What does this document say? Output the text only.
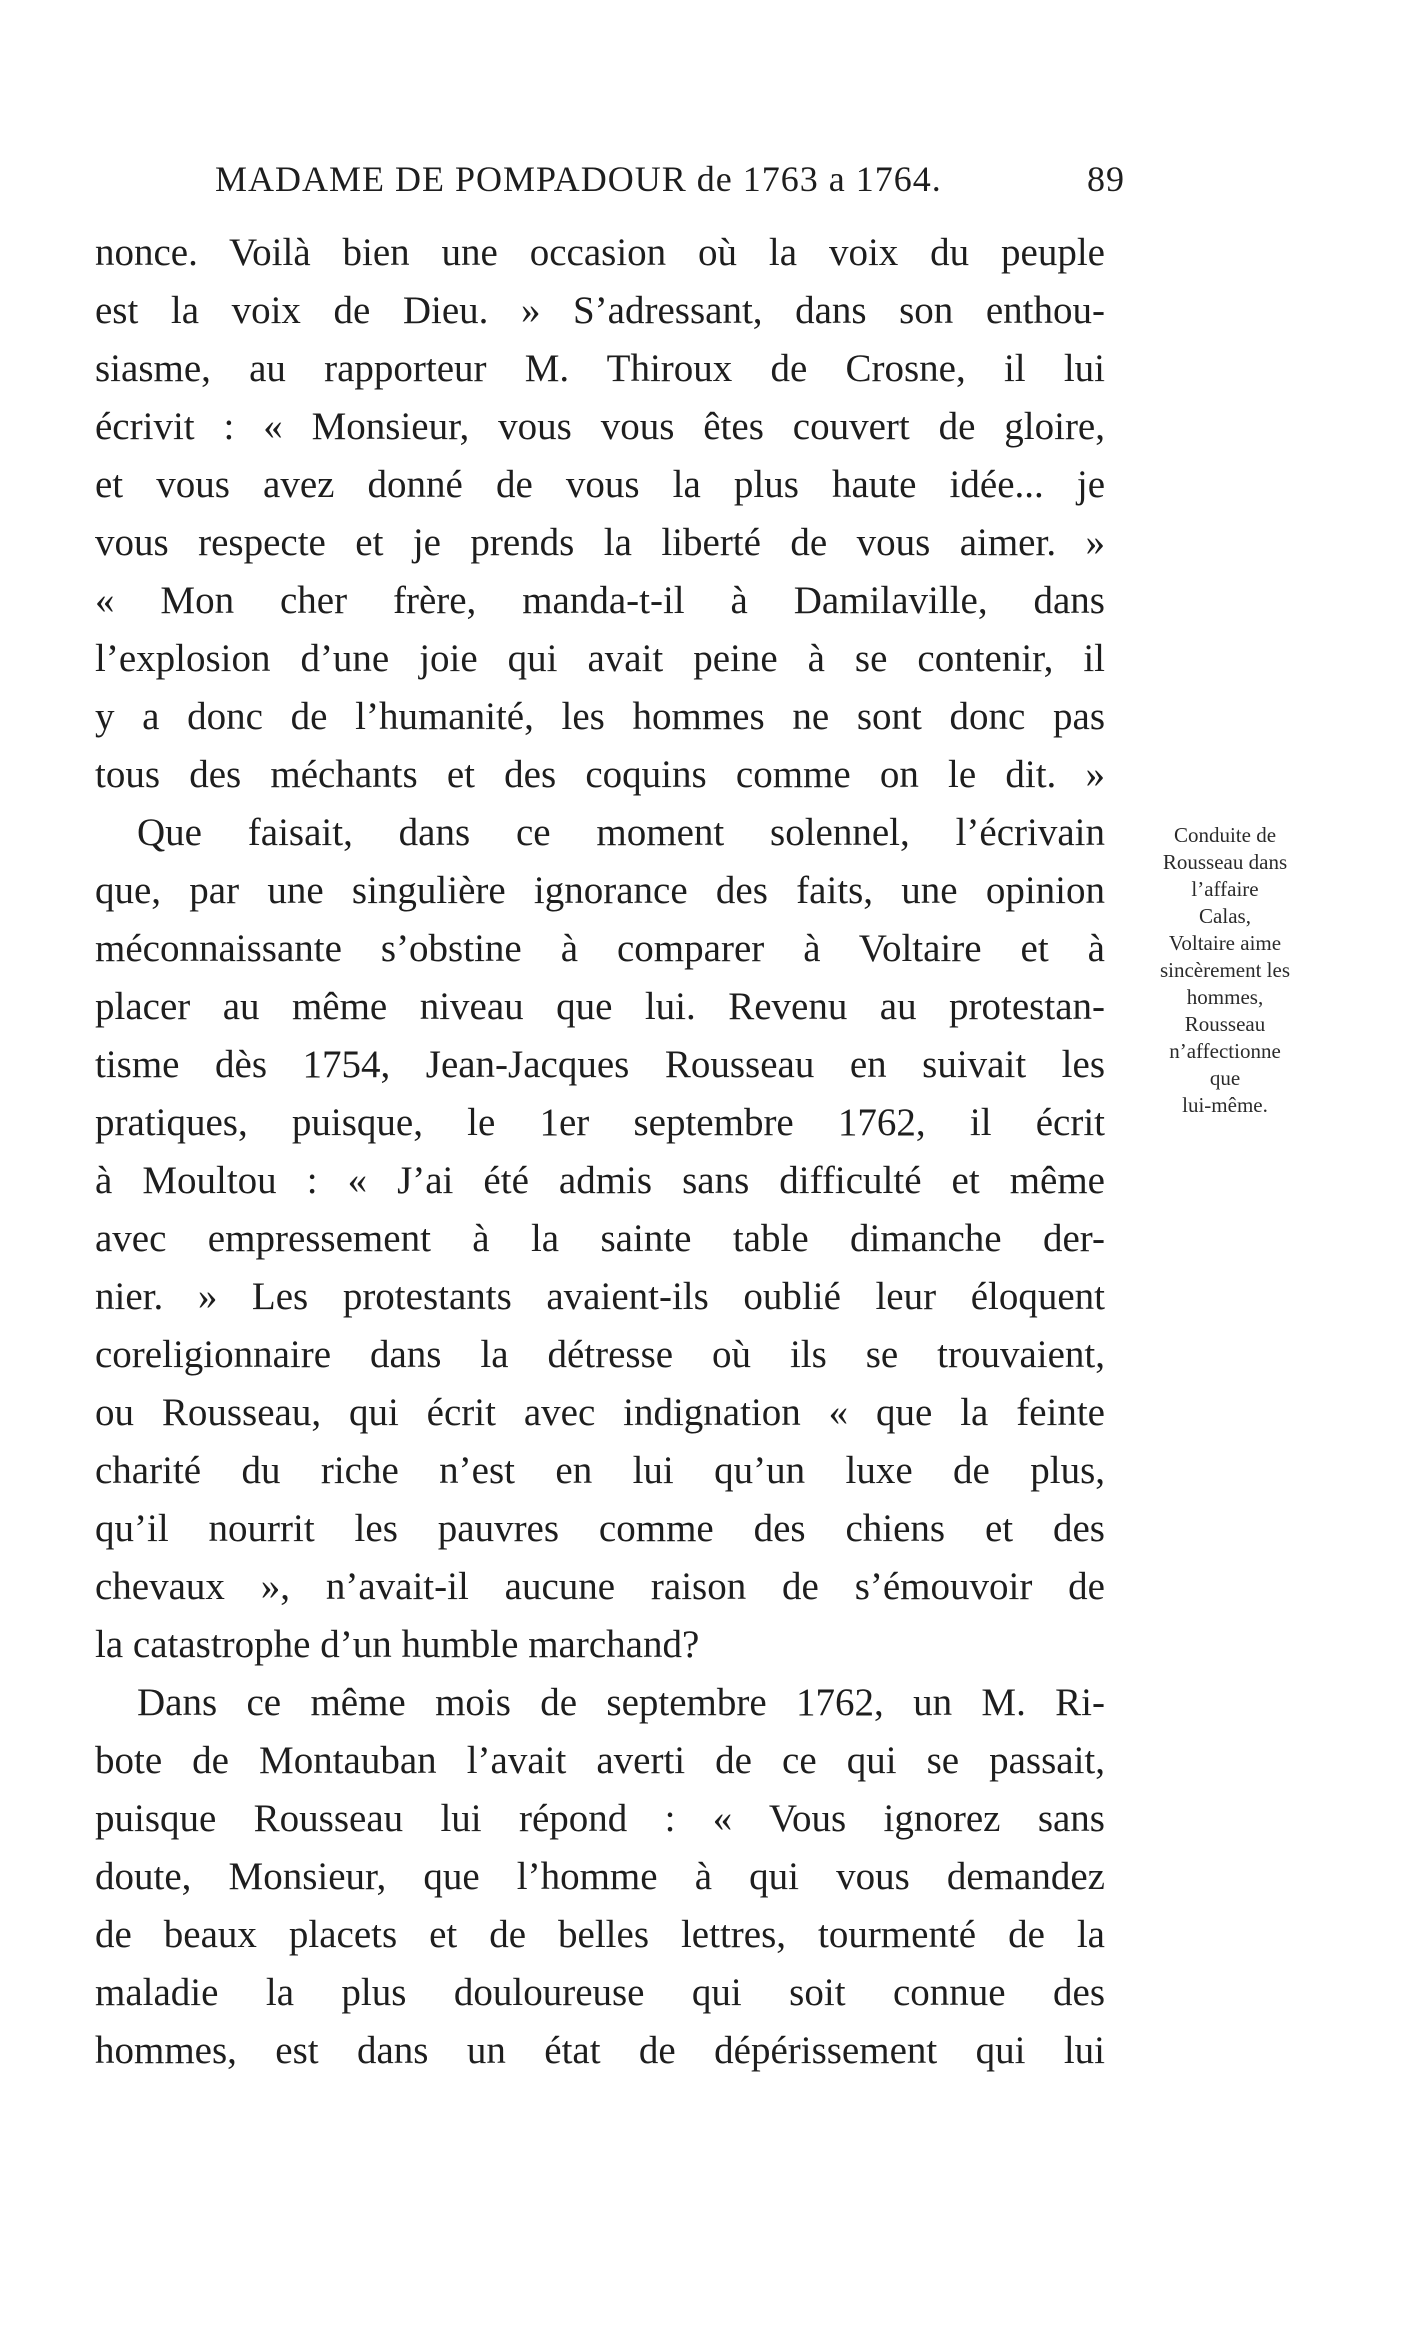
MADAME DE POMPADOUR de 1763 a 1764.	89
nonce. Voilà bien une occasion où la voix du peuple
est la voix de Dieu. » S’adressant, dans son enthou-
siasme, au rapporteur M. Thiroux de Crosne, il lui
écrivit : « Monsieur, vous vous êtes couvert de gloire,
et vous avez donné de vous la plus haute idée... je
vous respecte et je prends la liberté de vous aimer. »
« Mon cher frère, manda-t-il à Damilaville, dans
l’explosion d’une joie qui avait peine à se contenir, il
y a donc de l’humanité, les hommes ne sont donc pas
tous des méchants et des coquins comme on le dit. »
Que faisait, dans ce moment solennel, l’écrivain
que, par une singulière ignorance des faits, une opinion
méconnaissante s’obstine à comparer à Voltaire et à
placer au même niveau que lui. Revenu au protestan-
tisme dès 1754, Jean-Jacques Rousseau en suivait les
pratiques, puisque, le 1er septembre 1762, il écrit
à Moultou : « J’ai été admis sans difficulté et même
avec empressement à la sainte table dimanche der-
nier. » Les protestants avaient-ils oublié leur éloquent
coreligionnaire dans la détresse où ils se trouvaient,
ou Rousseau, qui écrit avec indignation « que la feinte
charité du riche n’est en lui qu’un luxe de plus,
qu’il nourrit les pauvres comme des chiens et des
chevaux », n’avait-il aucune raison de s’émouvoir de
la catastrophe d’un humble marchand?
Dans ce même mois de septembre 1762, un M. Ri-
bote de Montauban l’avait averti de ce qui se passait,
puisque Rousseau lui répond : « Vous ignorez sans
doute, Monsieur, que l’homme à qui vous demandez
de beaux placets et de belles lettres, tourmenté de la
maladie la plus douloureuse qui soit connue des
hommes, est dans un état de dépérissement qui lui
Conduite de
Rousseau dans
l’affaire
Calas,
Voltaire aime
sincèrement les
hommes,
Rousseau
n’affectionne
que
lui-même.
